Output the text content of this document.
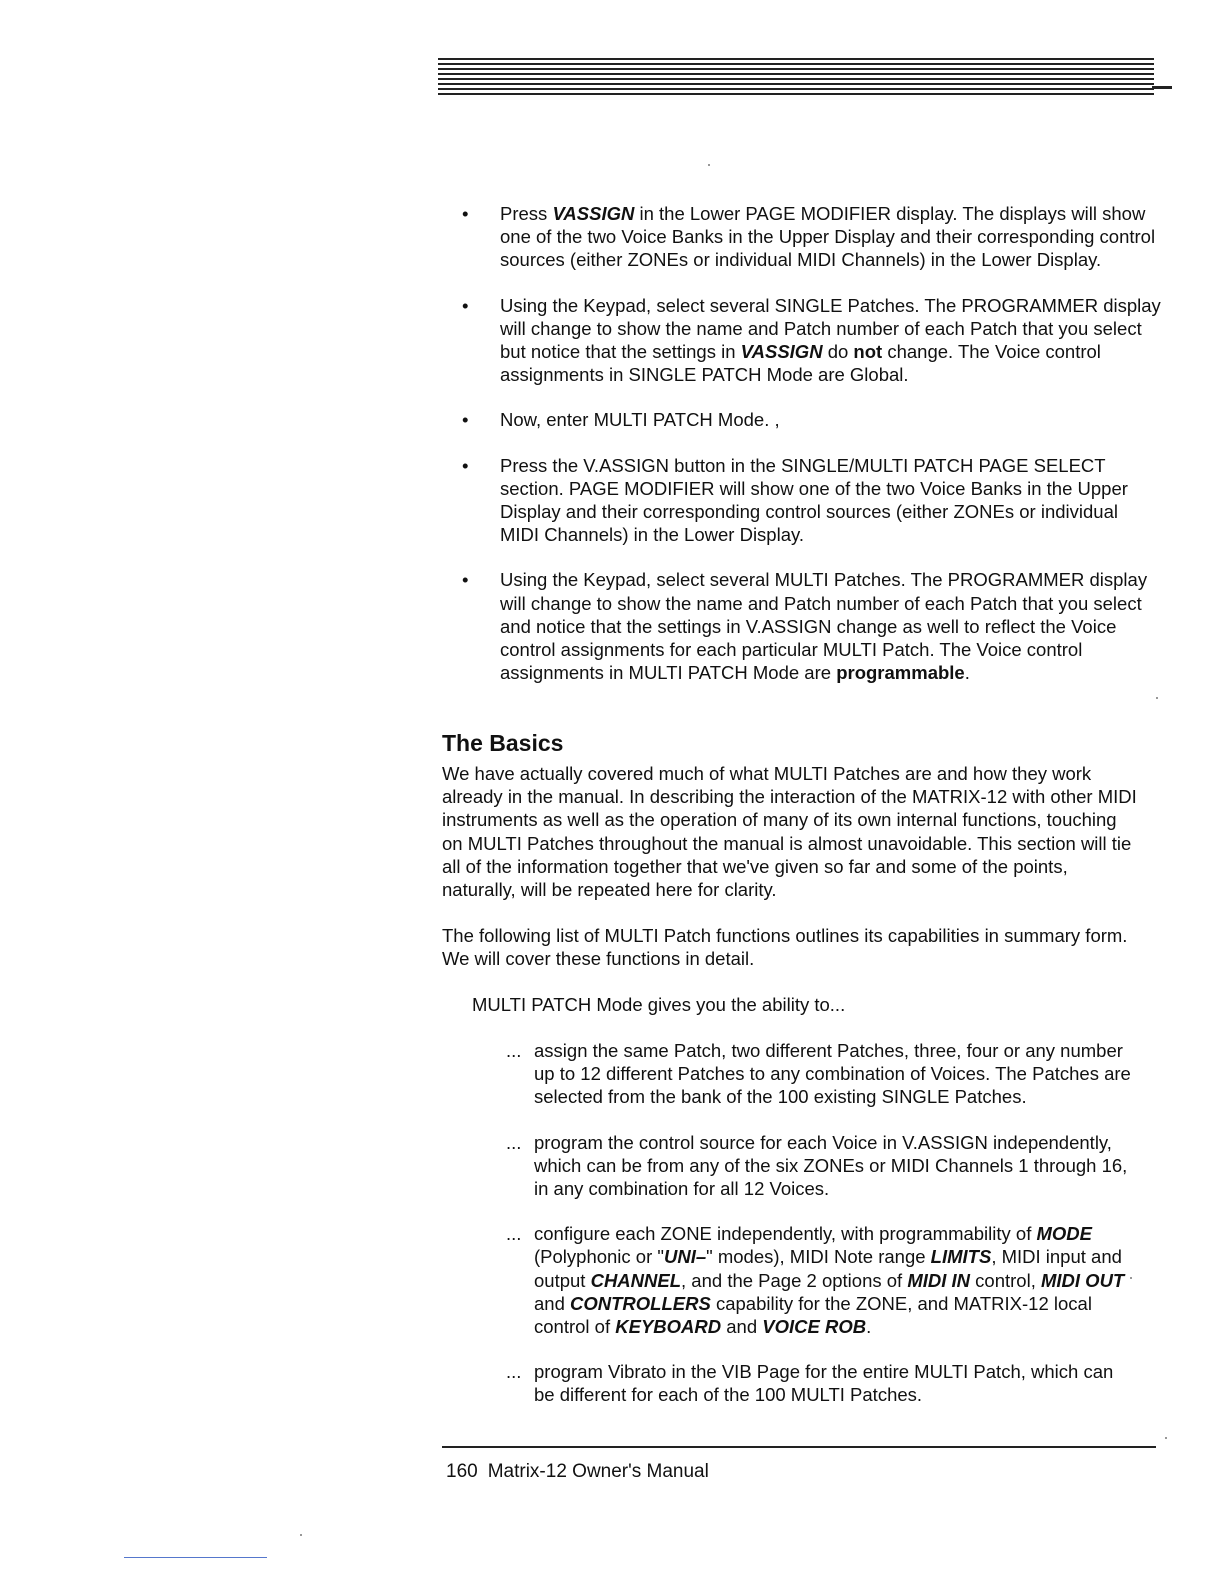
• Press VASSIGN in the Lower PAGE MODIFIER display. The displays will show one of the two Voice Banks in the Upper Display and their corresponding control sources (either ZONEs or individual MIDI Channels) in the Lower Display.
• Using the Keypad, select several SINGLE Patches. The PROGRAMMER display will change to show the name and Patch number of each Patch that you select but notice that the settings in VASSIGN do not change. The Voice control assignments in SINGLE PATCH Mode are Global.
• Now, enter MULTI PATCH Mode. ,
• Press the V.ASSIGN button in the SINGLE/MULTI PATCH PAGE SELECT section. PAGE MODIFIER will show one of the two Voice Banks in the Upper Display and their corresponding control sources (either ZONEs or individual MIDI Channels) in the Lower Display.
• Using the Keypad, select several MULTI Patches. The PROGRAMMER display will change to show the name and Patch number of each Patch that you select and notice that the settings in V.ASSIGN change as well to reflect the Voice control assignments for each particular MULTI Patch. The Voice control assignments in MULTI PATCH Mode are programmable.
The Basics

We have actually covered much of what MULTI Patches are and how they work already in the manual. In describing the interaction of the MATRIX-12 with other MIDI instruments as well as the operation of many of its own internal functions, touching on MULTI Patches throughout the manual is almost unavoidable. This section will tie all of the information together that we've given so far and some of the points, naturally, will be repeated here for clarity.

The following list of MULTI Patch functions outlines its capabilities in summary form. We will cover these functions in detail.

MULTI PATCH Mode gives you the ability to...

... assign the same Patch, two different Patches, three, four or any number up to 12 different Patches to any combination of Voices. The Patches are selected from the bank of the 100 existing SINGLE Patches.
... program the control source for each Voice in V.ASSIGN independently, which can be from any of the six ZONEs or MIDI Channels 1 through 16, in any combination for all 12 Voices.
... configure each ZONE independently, with programmability of MODE (Polyphonic or "UNI–" modes), MIDI Note range LIMITS, MIDI input and output CHANNEL, and the Page 2 options of MIDI IN control, MIDI OUT and CONTROLLERS capability for the ZONE, and MATRIX-12 local control of KEYBOARD and VOICE ROB.
... program Vibrato in the VIB Page for the entire MULTI Patch, which can be different for each of the 100 MULTI Patches.

160 Matrix-12 Owner's Manual
